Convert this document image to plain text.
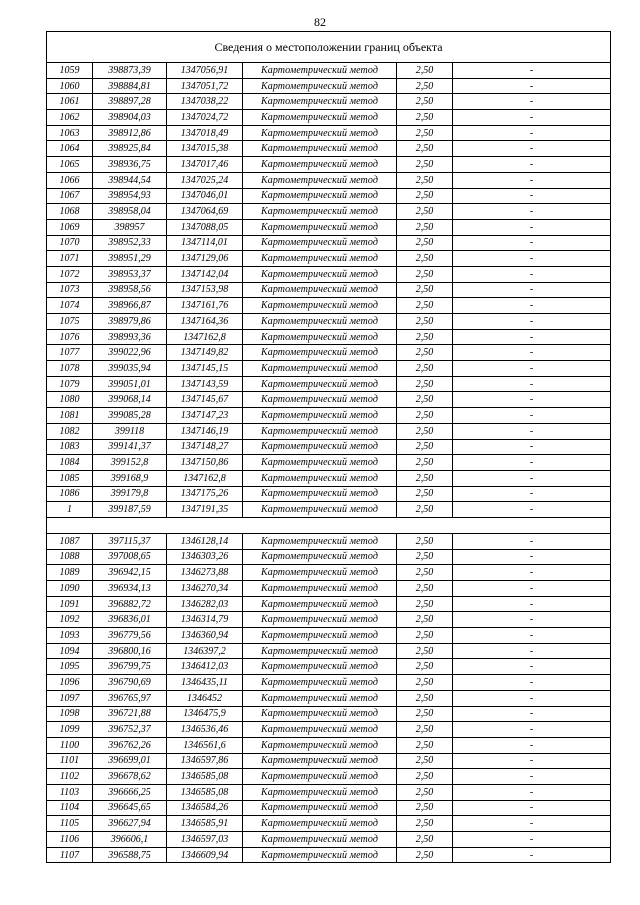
82
Сведения о местоположении границ объекта					
1059	398873,39	1347056,91	Картометрический метод	2,50	-
1060	398884,81	1347051,72	Картометрический метод	2,50	-
1061	398897,28	1347038,22	Картометрический метод	2,50	-
1062	398904,03	1347024,72	Картометрический метод	2,50	-
1063	398912,86	1347018,49	Картометрический метод	2,50	-
1064	398925,84	1347015,38	Картометрический метод	2,50	-
1065	398936,75	1347017,46	Картометрический метод	2,50	-
1066	398944,54	1347025,24	Картометрический метод	2,50	-
1067	398954,93	1347046,01	Картометрический метод	2,50	-
1068	398958,04	1347064,69	Картометрический метод	2,50	-
1069	398957	1347088,05	Картометрический метод	2,50	-
1070	398952,33	1347114,01	Картометрический метод	2,50	-
1071	398951,29	1347129,06	Картометрический метод	2,50	-
1072	398953,37	1347142,04	Картометрический метод	2,50	-
1073	398958,56	1347153,98	Картометрический метод	2,50	-
1074	398966,87	1347161,76	Картометрический метод	2,50	-
1075	398979,86	1347164,36	Картометрический метод	2,50	-
1076	398993,36	1347162,8	Картометрический метод	2,50	-
1077	399022,96	1347149,82	Картометрический метод	2,50	-
1078	399035,94	1347145,15	Картометрический метод	2,50	-
1079	399051,01	1347143,59	Картометрический метод	2,50	-
1080	399068,14	1347145,67	Картометрический метод	2,50	-
1081	399085,28	1347147,23	Картометрический метод	2,50	-
1082	399118	1347146,19	Картометрический метод	2,50	-
1083	399141,37	1347148,27	Картометрический метод	2,50	-
1084	399152,8	1347150,86	Картометрический метод	2,50	-
1085	399168,9	1347162,8	Картометрический метод	2,50	-
1086	399179,8	1347175,26	Картометрический метод	2,50	-
1	399187,59	1347191,35	Картометрический метод	2,50	-

1087	397115,37	1346128,14	Картометрический метод	2,50	-
1088	397008,65	1346303,26	Картометрический метод	2,50	-
1089	396942,15	1346273,88	Картометрический метод	2,50	-
1090	396934,13	1346270,34	Картометрический метод	2,50	-
1091	396882,72	1346282,03	Картометрический метод	2,50	-
1092	396836,01	1346314,79	Картометрический метод	2,50	-
1093	396779,56	1346360,94	Картометрический метод	2,50	-
1094	396800,16	1346397,2	Картометрический метод	2,50	-
1095	396799,75	1346412,03	Картометрический метод	2,50	-
1096	396790,69	1346435,11	Картометрический метод	2,50	-
1097	396765,97	1346452	Картометрический метод	2,50	-
1098	396721,88	1346475,9	Картометрический метод	2,50	-
1099	396752,37	1346536,46	Картометрический метод	2,50	-
1100	396762,26	1346561,6	Картометрический метод	2,50	-
1101	396699,01	1346597,86	Картометрический метод	2,50	-
1102	396678,62	1346585,08	Картометрический метод	2,50	-
1103	396666,25	1346585,08	Картометрический метод	2,50	-
1104	396645,65	1346584,26	Картометрический метод	2,50	-
1105	396627,94	1346585,91	Картометрический метод	2,50	-
1106	396606,1	1346597,03	Картометрический метод	2,50	-
1107	396588,75	1346609,94	Картометрический метод	2,50	-
